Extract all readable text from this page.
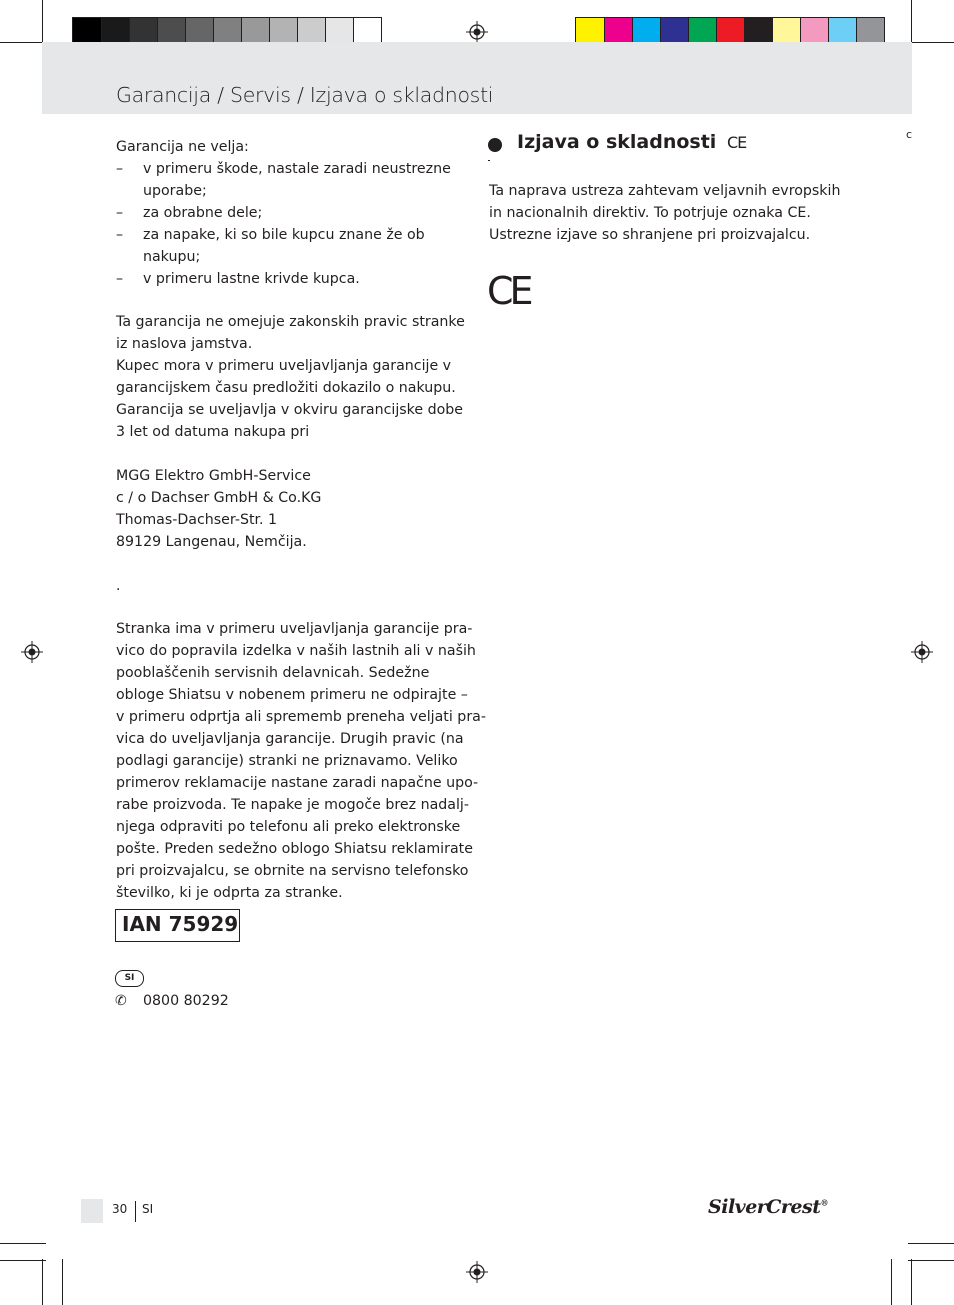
Garancija / Servis / Izjava o skladnosti
c
Garancija ne velja:
– v primeru škode, nastale zaradi neustrezne
uporabe;
– za obrabne dele;
– za napake, ki so bile kupcu znane že ob
nakupu;
– v primeru lastne krivde kupca.
Ta garancija ne omejuje zakonskih pravic stranke
iz naslova jamstva.
Kupec mora v primeru uveljavljanja garancije v
garancijskem času predložiti dokazilo o nakupu.
Garancija se uveljavlja v okviru garancijske dobe
3 let od datuma nakupa pri
MGG Elektro GmbH-Service
c / o Dachser GmbH & Co.KG
Thomas-Dachser-Str. 1
89129 Langenau, Nemčija.
.
Stranka ima v primeru uveljavljanja garancije pra-
vico do popravila izdelka v naših lastnih ali v naših
pooblaščenih servisnih delavnicah. Sedežne
obloge Shiatsu v nobenem primeru ne odpirajte –
v primeru odprtja ali sprememb preneha veljati pra-
vica do uveljavljanja garancije. Drugih pravic (na
podlagi garancije) stranki ne priznavamo. Veliko
primerov reklamacije nastane zaradi napačne upo-
rabe proizvoda. Te napake je mogoče brez nadalj-
njega odpraviti po telefonu ali preko elektronske
pošte. Preden sedežno oblogo Shiatsu reklamirate
pri proizvajalcu, se obrnite na servisno telefonsko
številko, ki je odprta za stranke.
IAN 75929
SI
✆ 0800 80292
Izjava o skladnosti CE
Ta naprava ustreza zahtevam veljavnih evropskih
in nacionalnih direktiv. To potrjuje oznaka CE.
Ustrezne izjave so shranjene pri proizvajalcu.
CE
30 SI	SilverCrest®
